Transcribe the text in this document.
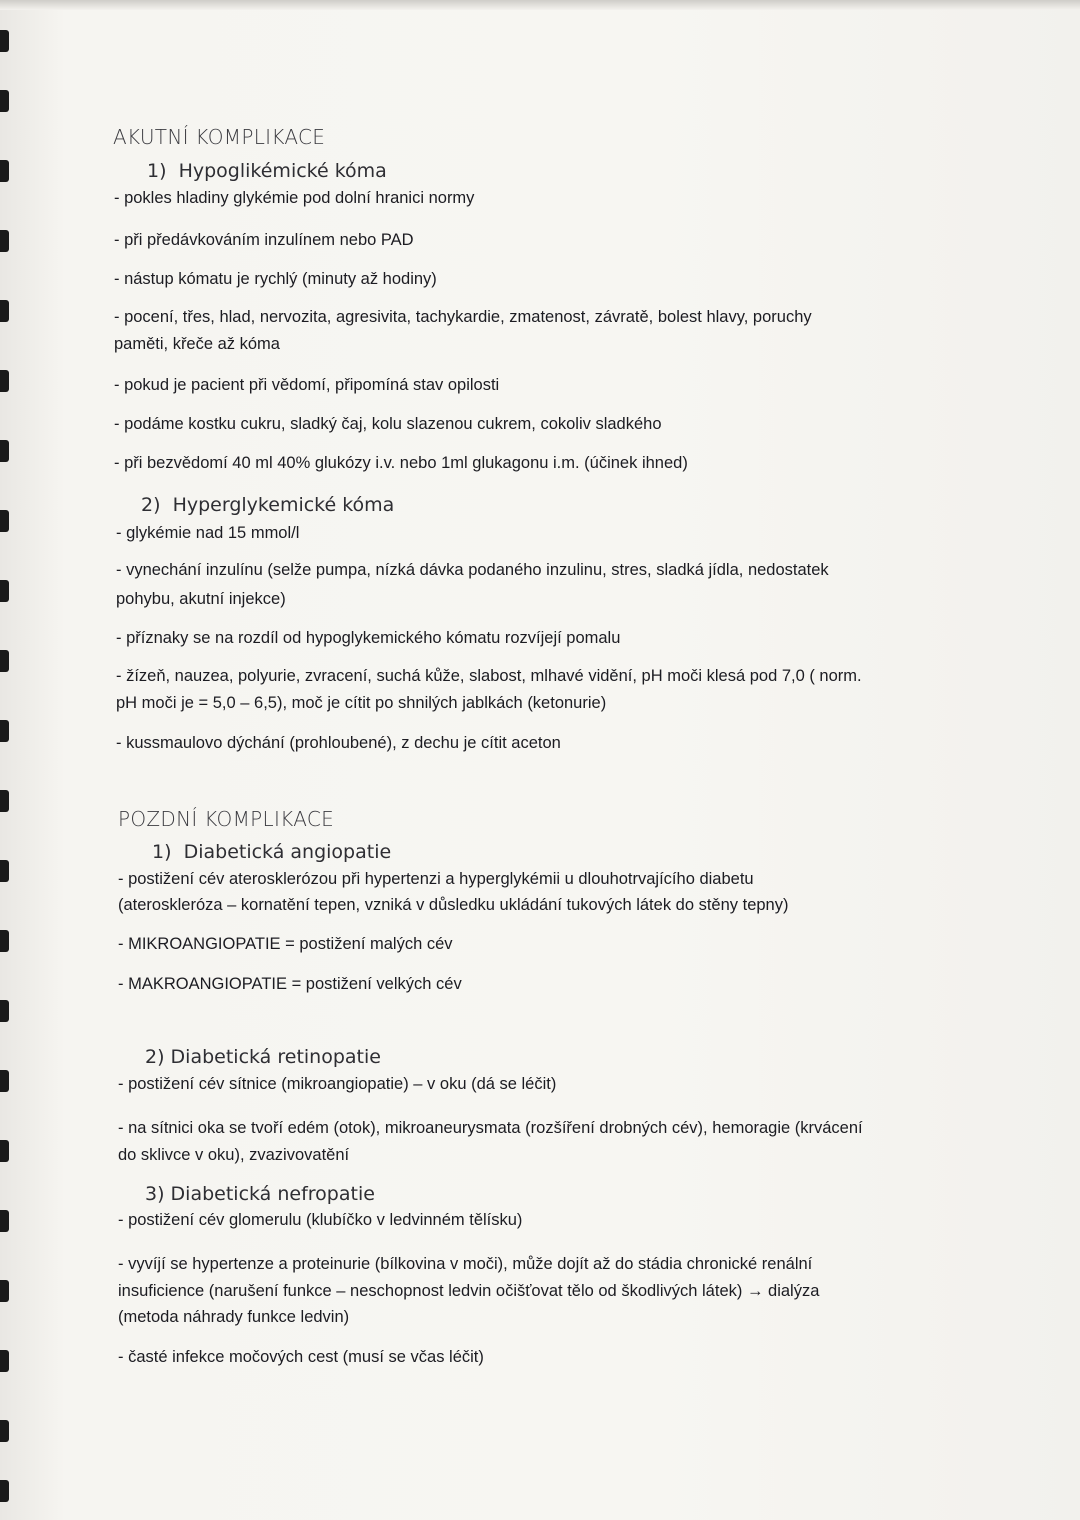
AKUTNÍ KOMPLIKACE
1)  Hypoglikémické kóma
- pokles hladiny glykémie pod dolní hranici normy
- při předávkováním inzulínem nebo PAD
- nástup kómatu je rychlý (minuty až hodiny)
- pocení, třes, hlad, nervozita, agresivita, tachykardie, zmatenost, závratě, bolest hlavy, poruchy
paměti, křeče až kóma
- pokud je pacient při vědomí, připomíná stav opilosti
- podáme kostku cukru, sladký čaj, kolu slazenou cukrem, cokoliv sladkého
- při bezvědomí 40 ml 40% glukózy i.v. nebo 1ml glukagonu i.m. (účinek ihned)
2)  Hyperglykemické kóma
- glykémie nad 15 mmol/l
- vynechání inzulínu (selže pumpa, nízká dávka podaného inzulinu, stres, sladká jídla, nedostatek
pohybu, akutní injekce)
- příznaky se na rozdíl od hypoglykemického kómatu rozvíjejí pomalu
- žízeň, nauzea, polyurie, zvracení, suchá kůže, slabost, mlhavé vidění, pH moči klesá pod 7,0 ( norm.
pH moči je = 5,0 – 6,5), moč je cítit po shnilých jablkách (ketonurie)
- kussmaulovo dýchání (prohloubené), z dechu je cítit aceton
POZDNÍ KOMPLIKACE
1)  Diabetická angiopatie
- postižení cév aterosklerózou při hypertenzi a hyperglykémii u dlouhotrvajícího diabetu
(ateroskleróza – kornatění tepen, vzniká v důsledku ukládání tukových látek do stěny tepny)
- MIKROANGIOPATIE = postižení malých cév
- MAKROANGIOPATIE = postižení velkých cév
2) Diabetická retinopatie
- postižení cév sítnice (mikroangiopatie) – v oku (dá se léčit)
- na sítnici oka se tvoří edém (otok), mikroaneurysmata (rozšíření drobných cév), hemoragie (krvácení
do sklivce v oku), zvazivovatění
3) Diabetická nefropatie
- postižení cév glomerulu (klubíčko v ledvinném tělísku)
- vyvíjí se hypertenze a proteinurie (bílkovina v moči), může dojít až do stádia chronické renální
insuficience (narušení funkce – neschopnost ledvin očišťovat tělo od škodlivých látek) → dialýza
(metoda náhrady funkce ledvin)
- časté infekce močových cest (musí se včas léčit)
